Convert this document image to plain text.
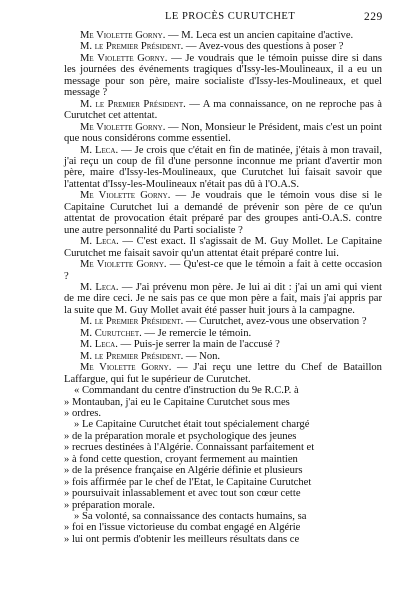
LE PROCÈS CURUTCHET	229

Me Violette Gorny. — M. Leca est un ancien capitaine d'active.

M. le Premier Président. — Avez-vous des questions à poser ?

Me Violette Gorny. — Je voudrais que le témoin puisse dire si dans les journées des événements tragiques d'Issy-les-Moulineaux, il a eu un message pour son père, maire socialiste d'Issy-les-Moulineaux, et quel message ?

M. le Premier Président. — A ma connaissance, on ne reproche pas à Curutchet cet attentat.

Me Violette Gorny. — Non, Monsieur le Président, mais c'est un point que nous considérons comme essentiel.

M. Leca. — Je crois que c'était en fin de matinée, j'étais à mon travail, j'ai reçu un coup de fil d'une personne inconnue me priant d'avertir mon père, maire d'Issy-les-Moulineaux, que Curutchet lui faisait savoir que l'attentat d'Issy-les-Moulineaux n'était pas dû à l'O.A.S.

Me Violette Gorny. — Je voudrais que le témoin vous dise si le Capitaine Curutchet lui a demandé de prévenir son père de ce qu'un attentat de provocation était préparé par des groupes anti-O.A.S. contre une autre personnalité du Parti socialiste ?

M. Leca. — C'est exact. Il s'agissait de M. Guy Mollet. Le Capitaine Curutchet me faisait savoir qu'un attentat était préparé contre lui.

Me Violette Gorny. — Qu'est-ce que le témoin a fait à cette occasion ?

M. Leca. — J'ai prévenu mon père. Je lui ai dit : j'ai un ami qui vient de me dire ceci. Je ne sais pas ce que mon père a fait, mais j'ai appris par la suite que M. Guy Mollet avait été passer huit jours à la campagne.

M. le Premier Président. — Curutchet, avez-vous une observation ?

M. Curutchet. — Je remercie le témoin.

M. Leca. — Puis-je serrer la main de l'accusé ?

M. le Premier Président. — Non.

Me Violette Gorny. — J'ai reçu une lettre du Chef de Bataillon Laffargue, qui fut le supérieur de Curutchet.

« Commandant du centre d'instruction du 9e R.C.P. à

» Montauban, j'ai eu le Capitaine Curutchet sous mes

» ordres.

» Le Capitaine Curutchet était tout spécialement chargé

» de la préparation morale et psychologique des jeunes

» recrues destinées à l'Algérie. Connaissant parfaitement et

» à fond cette question, croyant fermement au maintien

» de la présence française en Algérie définie et plusieurs

» fois affirmée par le chef de l'Etat, le Capitaine Curutchet

» poursuivait inlassablement et avec tout son cœur cette

» préparation morale.

» Sa volonté, sa connaissance des contacts humains, sa

» foi en l'issue victorieuse du combat engagé en Algérie

» lui ont permis d'obtenir les meilleurs résultats dans ce
